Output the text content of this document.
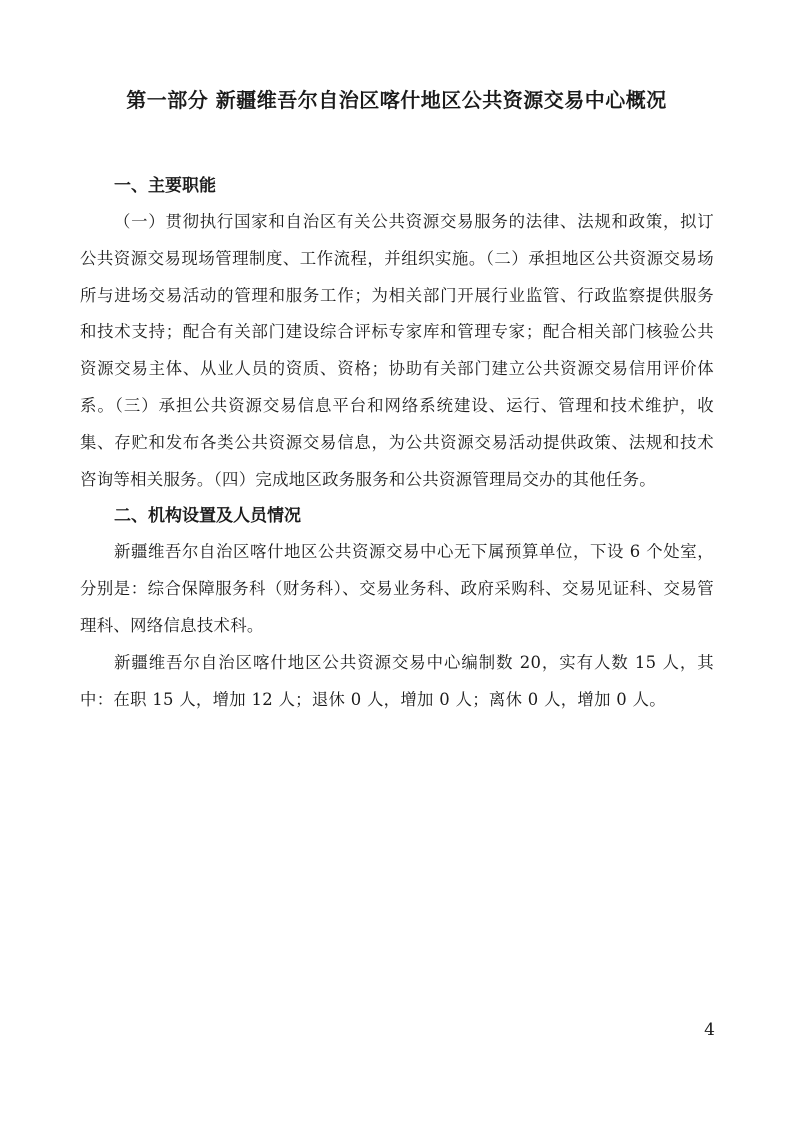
第一部分 新疆维吾尔自治区喀什地区公共资源交易中心概况
一、主要职能

（一）贯彻执行国家和自治区有关公共资源交易服务的法律、法规和政策，拟订公共资源交易现场管理制度、工作流程，并组织实施。（二）承担地区公共资源交易场所与进场交易活动的管理和服务工作；为相关部门开展行业监管、行政监察提供服务和技术支持；配合有关部门建设综合评标专家库和管理专家；配合相关部门核验公共资源交易主体、从业人员的资质、资格；协助有关部门建立公共资源交易信用评价体系。（三）承担公共资源交易信息平台和网络系统建设、运行、管理和技术维护，收集、存贮和发布各类公共资源交易信息，为公共资源交易活动提供政策、法规和技术咨询等相关服务。（四）完成地区政务服务和公共资源管理局交办的其他任务。

二、机构设置及人员情况

新疆维吾尔自治区喀什地区公共资源交易中心无下属预算单位，下设 6 个处室，分别是：综合保障服务科（财务科）、交易业务科、政府采购科、交易见证科、交易管理科、网络信息技术科。

新疆维吾尔自治区喀什地区公共资源交易中心编制数 20，实有人数 15 人，其中：在职 15 人，增加 12 人；退休 0 人，增加 0 人；离休 0 人，增加 0 人。

4
